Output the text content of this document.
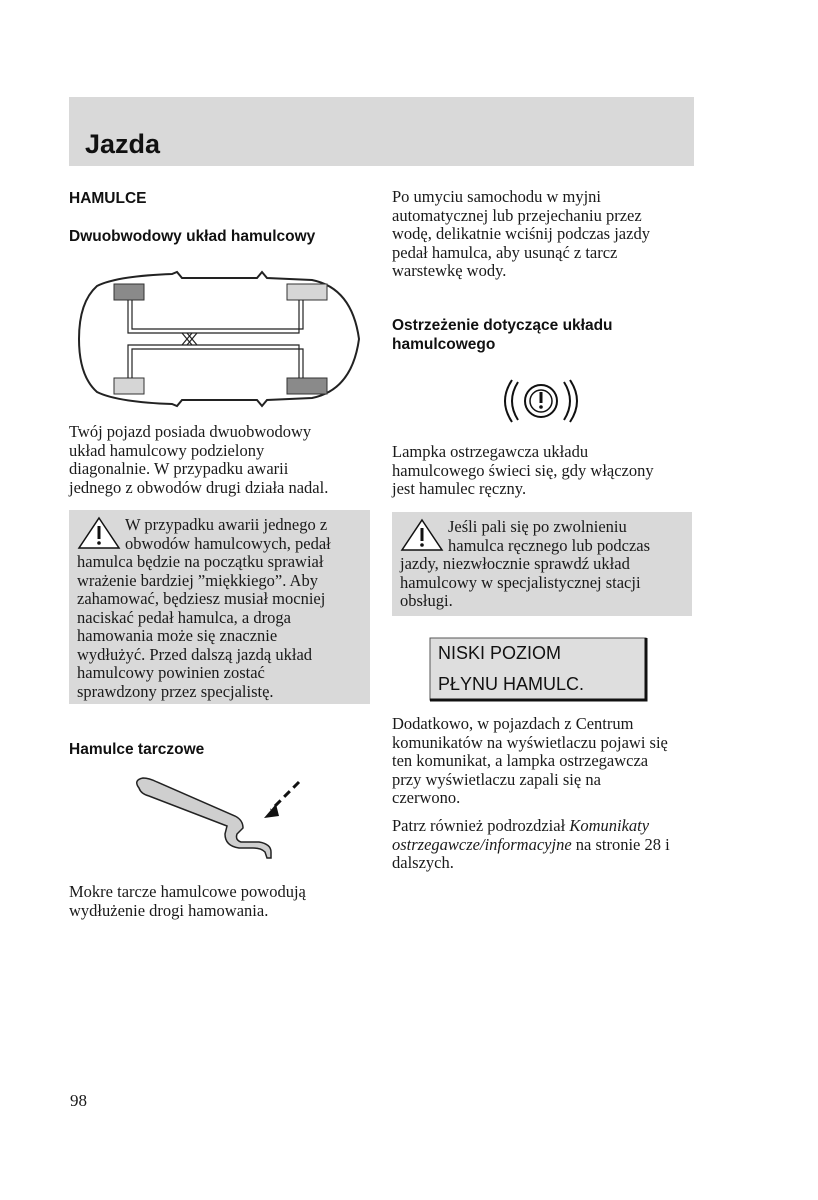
Jazda

HAMULCE

Dwuobwodowy układ hamulcowy

Twój pojazd posiada dwuobwodowy

układ hamulcowy podzielony

diagonalnie. W przypadku awarii

jednego z obwodów drugi działa nadal.

W przypadku awarii jednego z

obwodów hamulcowych, pedał

hamulca będzie na początku sprawiał

wrażenie bardziej ”miękkiego”. Aby

zahamować, będziesz musiał mocniej

naciskać pedał hamulca, a droga

hamowania może się znacznie

wydłużyć. Przed dalszą jazdą układ

hamulcowy powinien zostać

sprawdzony przez specjalistę.

Hamulce tarczowe

Mokre tarcze hamulcowe powodują

wydłużenie drogi hamowania.

Po umyciu samochodu w myjni

automatycznej lub przejechaniu przez

wodę, delikatnie wciśnij podczas jazdy

pedał hamulca, aby usunąć z tarcz

warstewkę wody.

Ostrzeżenie dotyczące układu

hamulcowego

Lampka ostrzegawcza układu

hamulcowego świeci się, gdy włączony

jest hamulec ręczny.

Jeśli pali się po zwolnieniu

hamulca ręcznego lub podczas

jazdy, niezwłocznie sprawdź układ

hamulcowy w specjalistycznej stacji

obsługi.

NISKI POZIOM

PŁYNU HAMULC.

Dodatkowo, w pojazdach z Centrum

komunikatów na wyświetlaczu pojawi się

ten komunikat, a lampka ostrzegawcza

przy wyświetlaczu zapali się na

czerwono.

Patrz również podrozdział Komunikaty

ostrzegawcze/informacyjne na stronie 28 i

dalszych.

98
